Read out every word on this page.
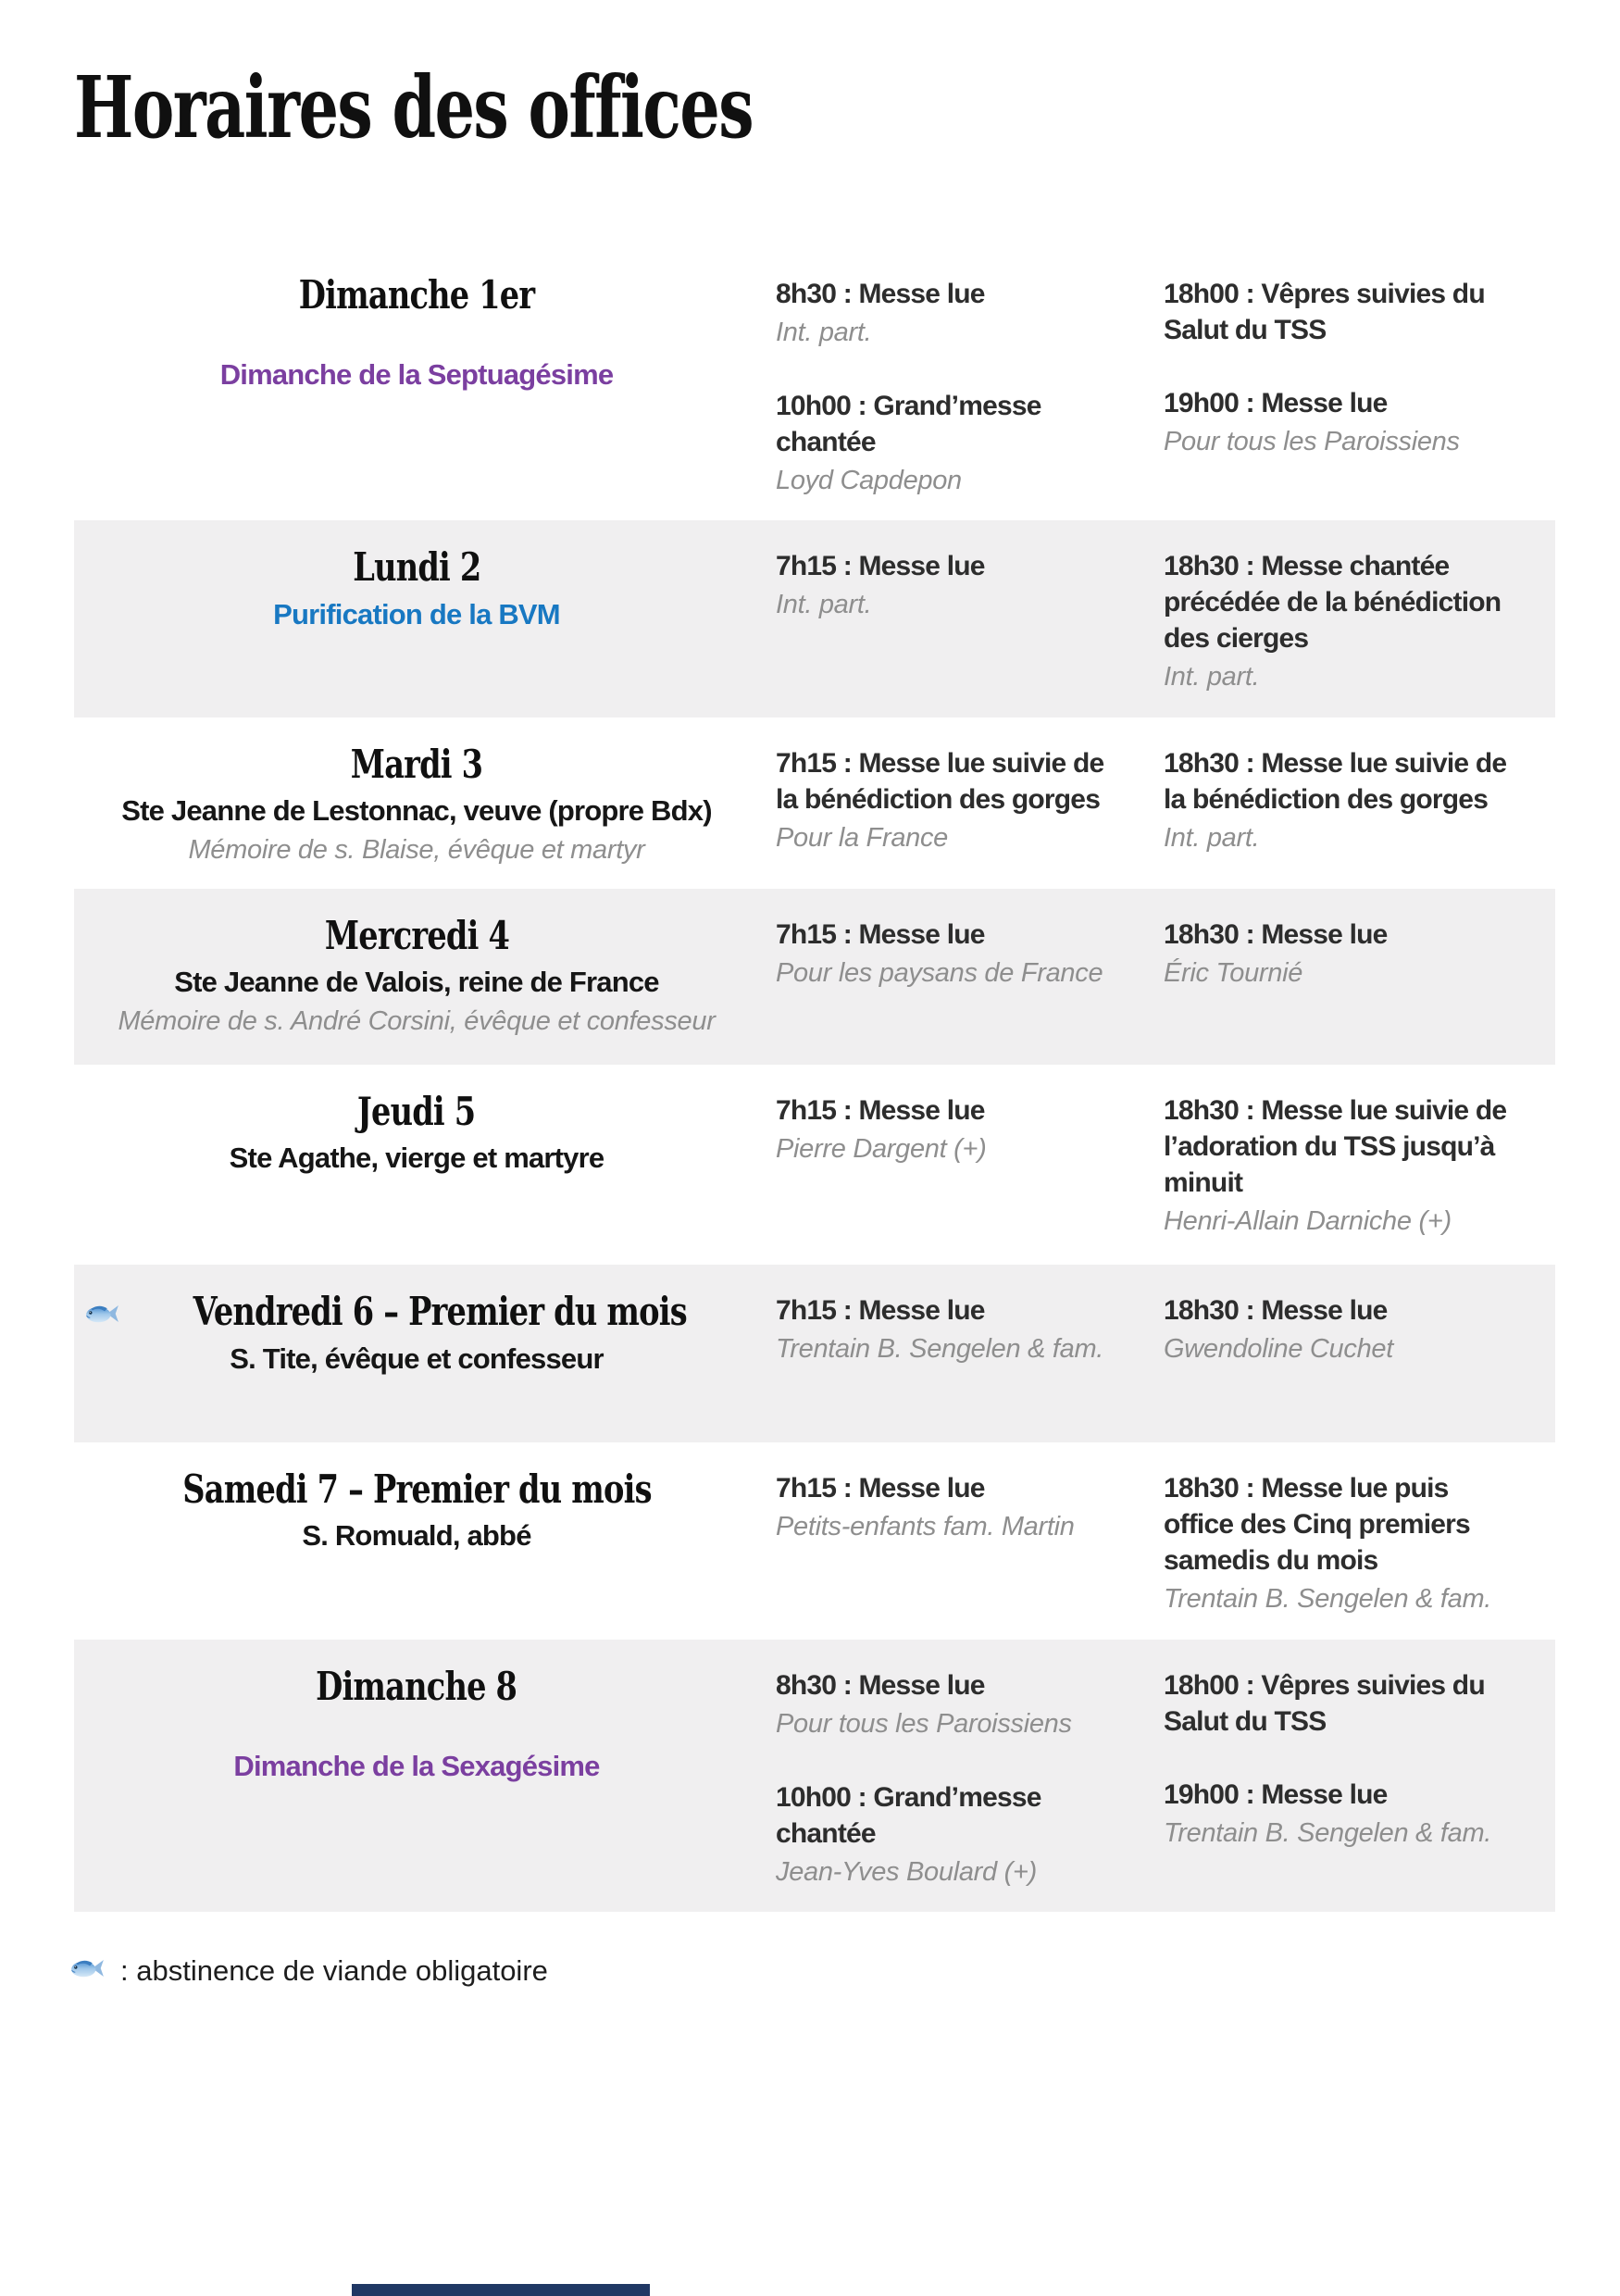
Horaires des offices
Dimanche 1er
Dimanche de la Septuagésime
8h30 : Messe lue
Int. part.
10h00 : Grand’messe
chantée
Loyd Capdepon
18h00 : Vêpres suivies du
Salut du TSS
19h00 : Messe lue
Pour tous les Paroissiens
Lundi 2
Purification de la BVM
7h15 : Messe lue
Int. part.
18h30 : Messe chantée
précédée de la bénédiction
des cierges
Int. part.
Mardi 3
Ste Jeanne de Lestonnac, veuve (propre Bdx)
Mémoire de s. Blaise, évêque et martyr
7h15 : Messe lue suivie de
la bénédiction des gorges
Pour la France
18h30 : Messe lue suivie de
la bénédiction des gorges
Int. part.
Mercredi 4
Ste Jeanne de Valois, reine de France
Mémoire de s. André Corsini, évêque et confesseur
7h15 : Messe lue
Pour les paysans de France
18h30 : Messe lue
Éric Tournié
Jeudi 5
Ste Agathe, vierge et martyre
7h15 : Messe lue
Pierre Dargent (+)
18h30 : Messe lue suivie de
l’adoration du TSS jusqu’à
minuit
Henri-Allain Darniche (+)
Vendredi 6 – Premier du mois
S. Tite, évêque et confesseur
7h15 : Messe lue
Trentain B. Sengelen & fam.
18h30 : Messe lue
Gwendoline Cuchet
Samedi 7 – Premier du mois
S. Romuald, abbé
7h15 : Messe lue
Petits-enfants fam. Martin
18h30 : Messe lue puis
office des Cinq premiers
samedis du mois
Trentain B. Sengelen & fam.
Dimanche 8
Dimanche de la Sexagésime
8h30 : Messe lue
Pour tous les Paroissiens
10h00 : Grand’messe
chantée
Jean-Yves Boulard (+)
18h00 : Vêpres suivies du
Salut du TSS
19h00 : Messe lue
Trentain B. Sengelen & fam.
: abstinence de viande obligatoire
